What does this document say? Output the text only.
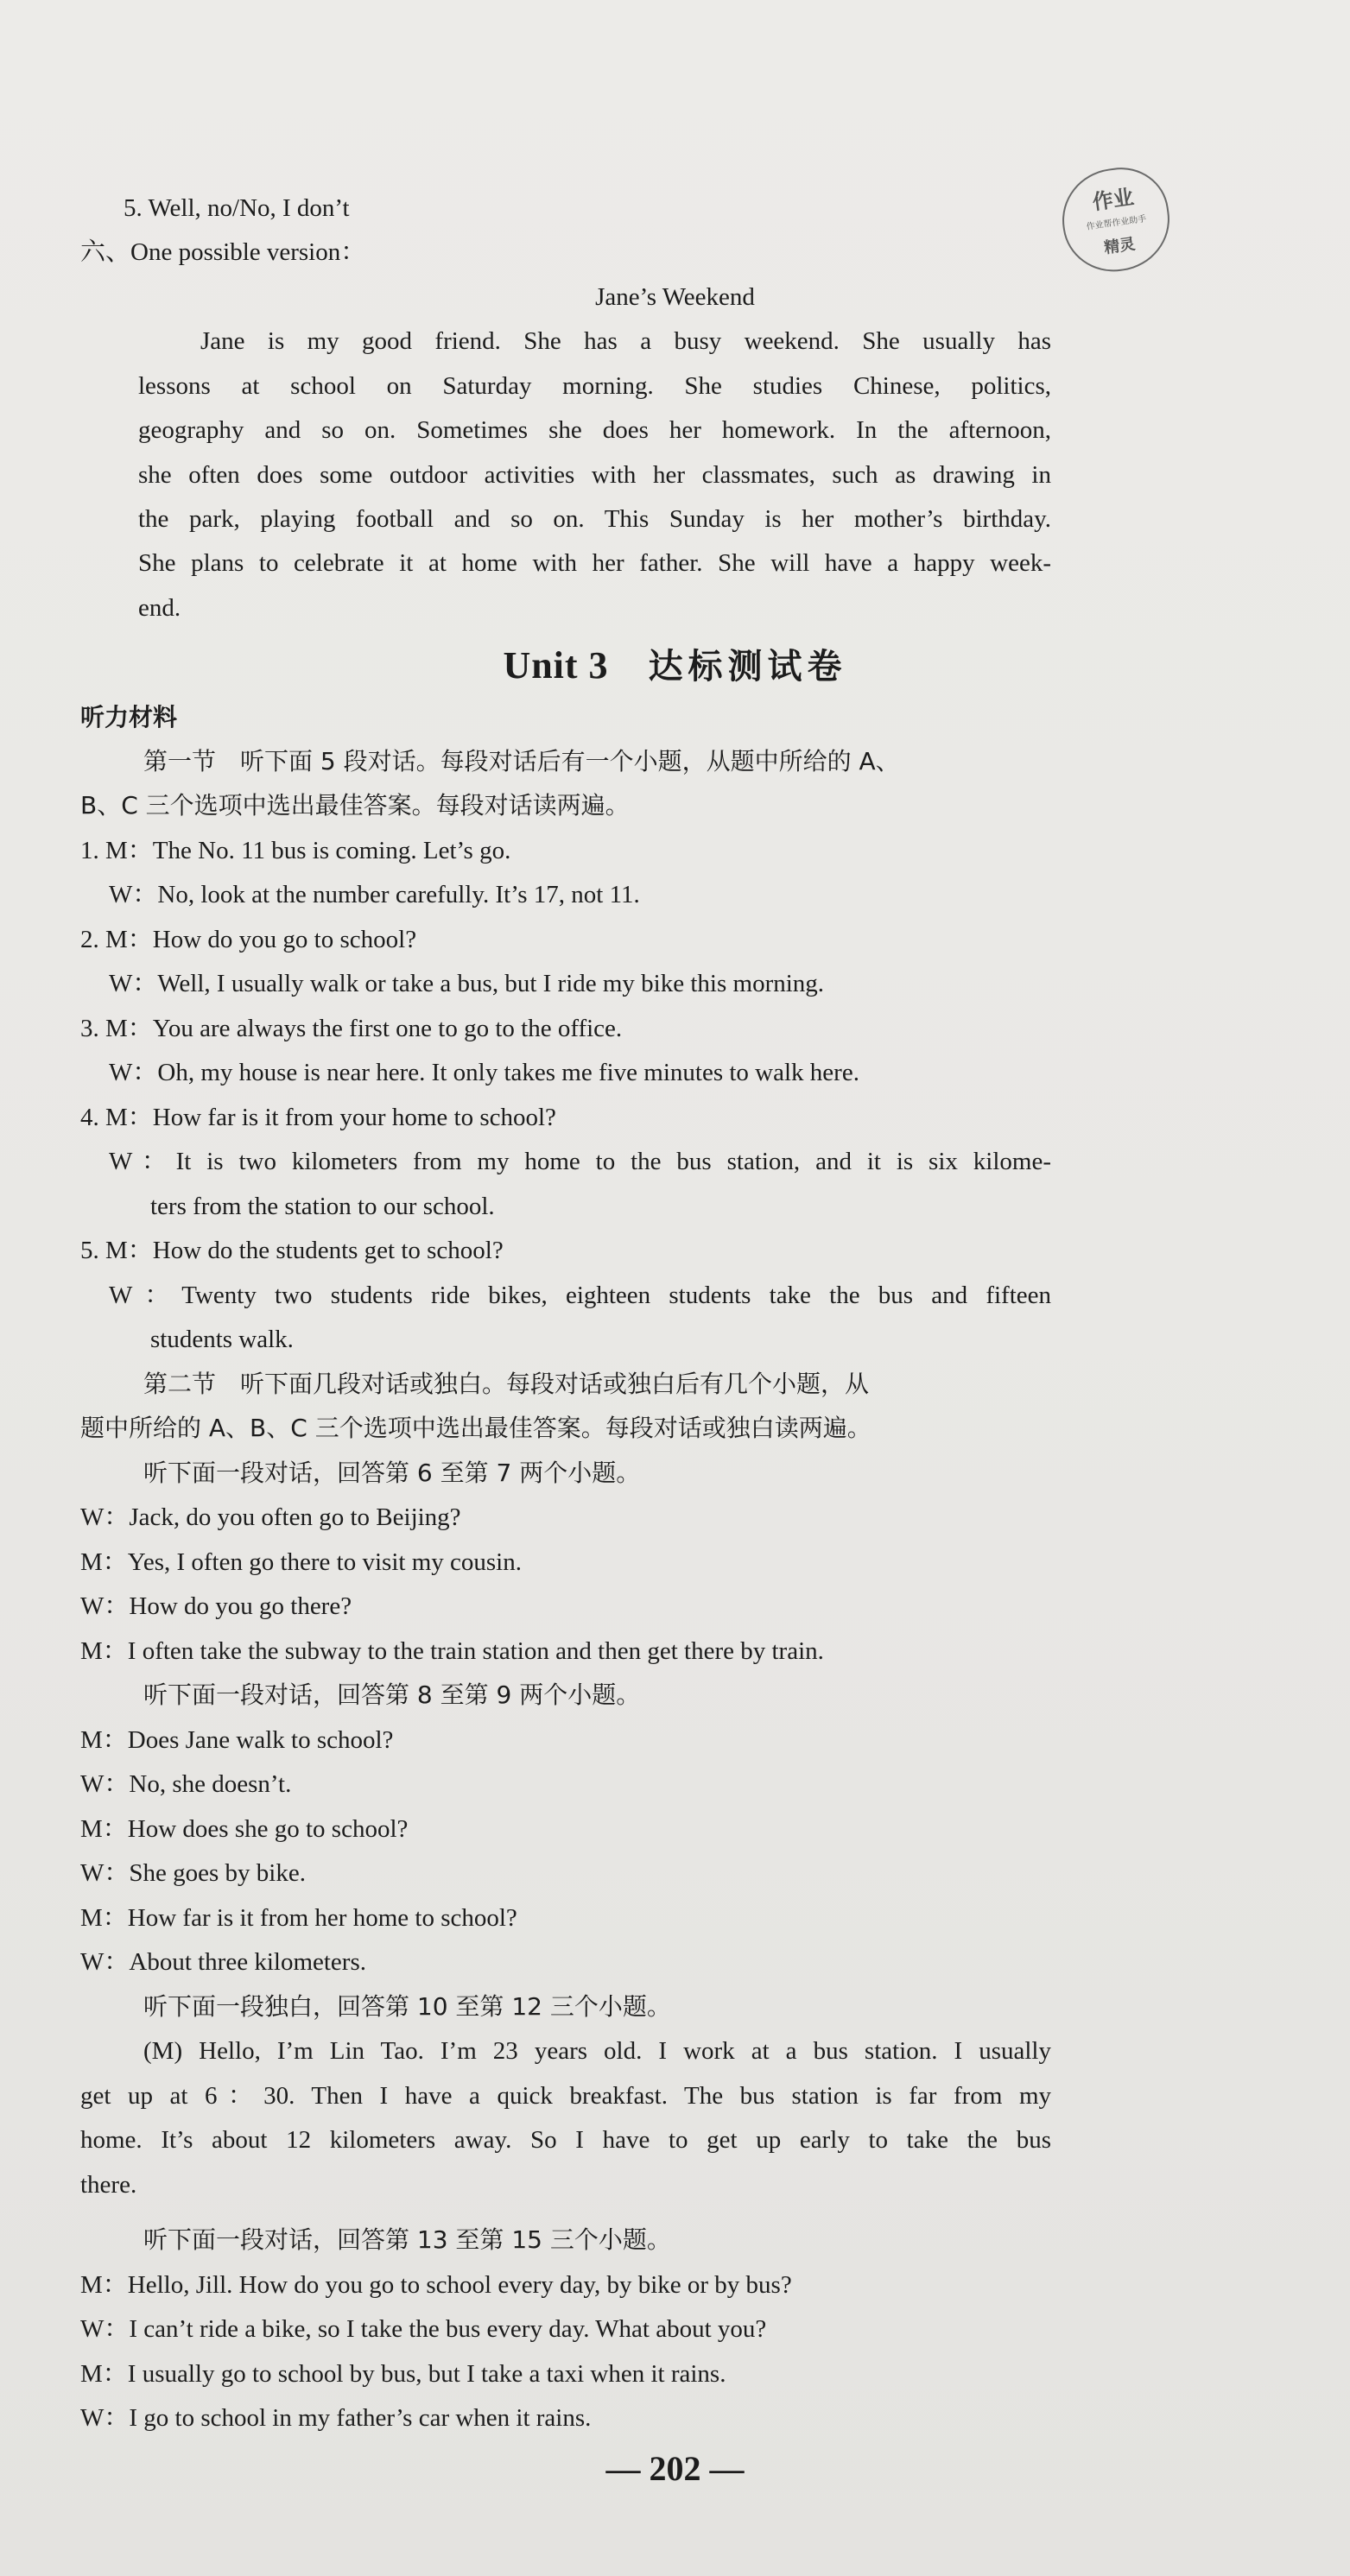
作业
作业帮作业助手
精灵
5. Well, no/No, I don’t
六、One possible version：
Jane’s Weekend
Jane is my good friend. She has a busy weekend. She usually has
lessons at school on Saturday morning. She studies Chinese, politics,
geography and so on. Sometimes she does her homework. In the afternoon,
she often does some outdoor activities with her classmates, such as drawing in
the park, playing football and so on. This Sunday is her mother’s birthday.
She plans to celebrate it at home with her father. She will have a happy week-
end.
Unit 3 达标测试卷
听力材料
第一节　听下面 5 段对话。每段对话后有一个小题，从题中所给的 A、
B、C 三个选项中选出最佳答案。每段对话读两遍。
1. M：The No. 11 bus is coming. Let’s go.
W：No, look at the number carefully. It’s 17, not 11.
2. M：How do you go to school?
W：Well, I usually walk or take a bus, but I ride my bike this morning.
3. M：You are always the first one to go to the office.
W：Oh, my house is near here. It only takes me five minutes to walk here.
4. M：How far is it from your home to school?
W：It is two kilometers from my home to the bus station, and it is six kilome-
ters from the station to our school.
5. M：How do the students get to school?
W：Twenty two students ride bikes, eighteen students take the bus and fifteen
students walk.
第二节　听下面几段对话或独白。每段对话或独白后有几个小题，从
题中所给的 A、B、C 三个选项中选出最佳答案。每段对话或独白读两遍。
听下面一段对话，回答第 6 至第 7 两个小题。
W：Jack, do you often go to Beijing?
M：Yes, I often go there to visit my cousin.
W：How do you go there?
M：I often take the subway to the train station and then get there by train.
听下面一段对话，回答第 8 至第 9 两个小题。
M：Does Jane walk to school?
W：No, she doesn’t.
M：How does she go to school?
W：She goes by bike.
M：How far is it from her home to school?
W：About three kilometers.
听下面一段独白，回答第 10 至第 12 三个小题。
(M) Hello, I’m Lin Tao. I’m 23 years old. I work at a bus station. I usually
get up at 6：30. Then I have a quick breakfast. The bus station is far from my
home. It’s about 12 kilometers away. So I have to get up early to take the bus
there.
听下面一段对话，回答第 13 至第 15 三个小题。
M：Hello, Jill. How do you go to school every day, by bike or by bus?
W：I can’t ride a bike, so I take the bus every day. What about you?
M：I usually go to school by bus, but I take a taxi when it rains.
W：I go to school in my father’s car when it rains.
— 202 —
